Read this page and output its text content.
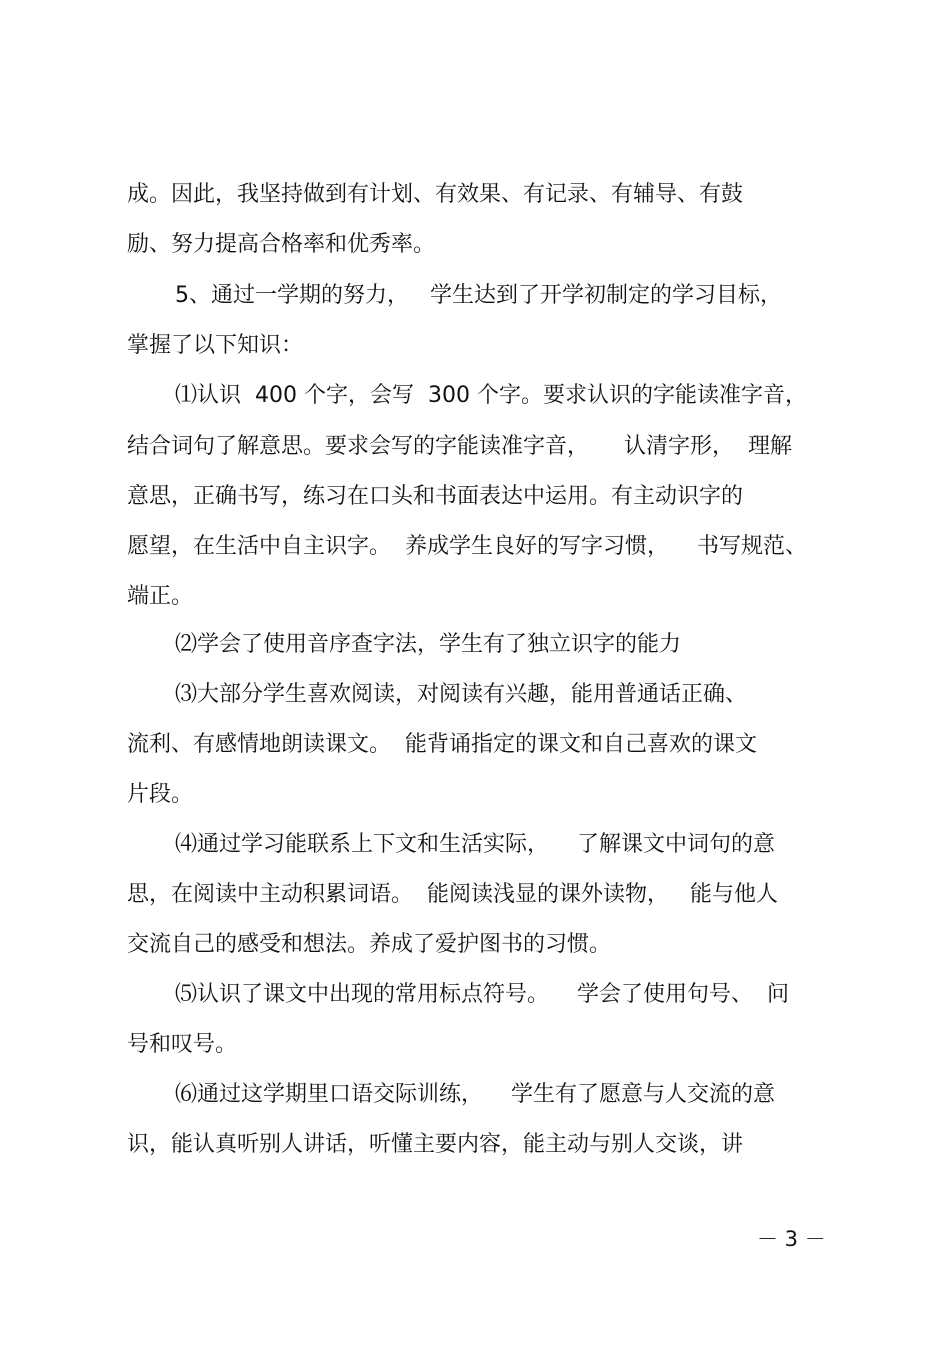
成。因此，我坚持做到有计划、有效果、有记录、有辅导、有鼓
励、努力提高合格率和优秀率。
5、通过一学期的努力，   学生达到了开学初制定的学习目标，
掌握了以下知识：
⑴认识  400 个字，会写  300 个字。要求认识的字能读准字音，
结合词句了解意思。要求会写的字能读准字音，     认清字形，  理解
意思，正确书写，练习在口头和书面表达中运用。有主动识字的
愿望，在生活中自主识字。  养成学生良好的写字习惯，    书写规范、
端正。
⑵学会了使用音序查字法，学生有了独立识字的能力
⑶大部分学生喜欢阅读，对阅读有兴趣，能用普通话正确、
流利、有感情地朗读课文。  能背诵指定的课文和自己喜欢的课文
片段。
⑷通过学习能联系上下文和生活实际，    了解课文中词句的意
思，在阅读中主动积累词语。  能阅读浅显的课外读物，   能与他人
交流自己的感受和想法。养成了爱护图书的习惯。
⑸认识了课文中出现的常用标点符号。    学会了使用句号、  问
号和叹号。
⑹通过这学期里口语交际训练，    学生有了愿意与人交流的意
识，能认真听别人讲话，听懂主要内容，能主动与别人交谈，讲
－ 3 －
